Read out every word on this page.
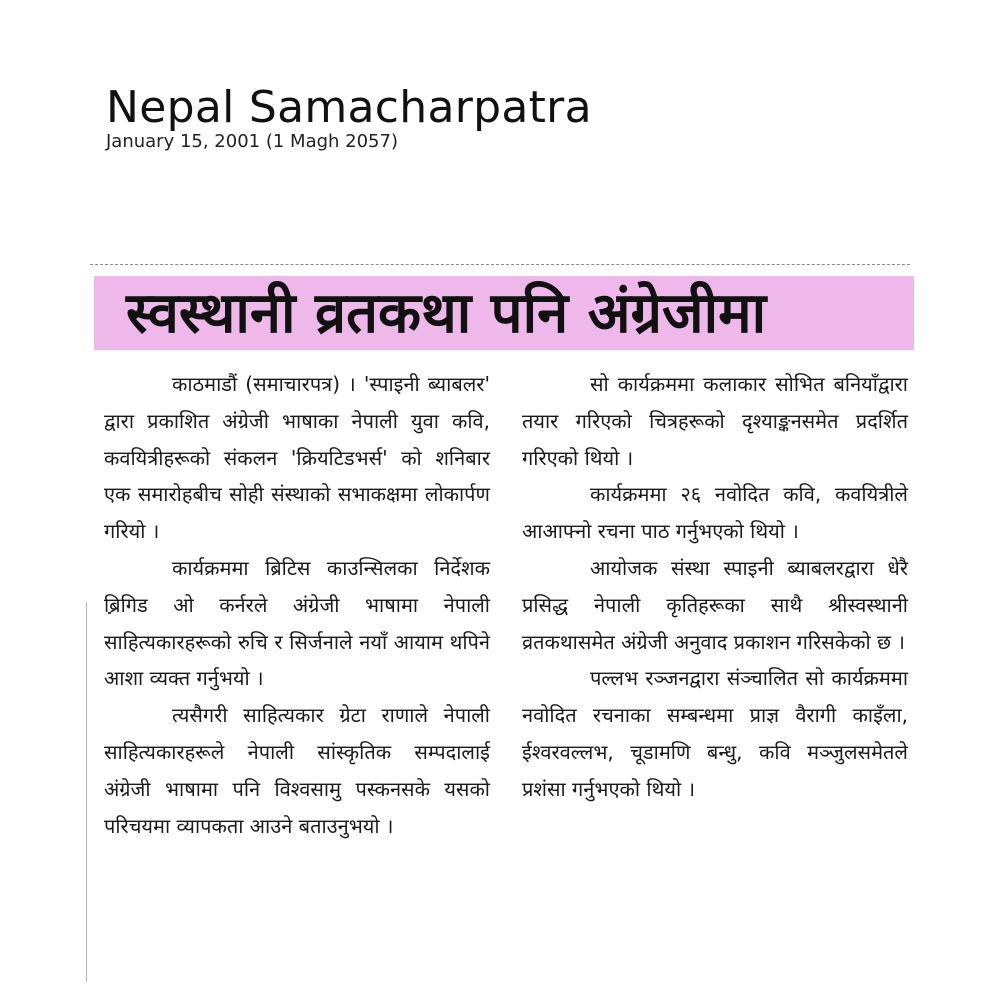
Nepal Samacharpatra
January 15, 2001 (1 Magh 2057)
स्वस्थानी व्रतकथा पनि अंग्रेजीमा

काठमाडौं (समाचारपत्र) । 'स्पाइनी ब्याबलर' द्वारा प्रकाशित अंग्रेजी भाषाका नेपाली युवा कवि, कवयित्रीहरूको संकलन 'क्रियटिडभर्स' को शनिबार एक समारोहबीच सोही संस्थाको सभाकक्षमा लोकार्पण गरियो ।

कार्यक्रममा ब्रिटिस काउन्सिलका निर्देशक ब्रिगिड ओ कर्नरले अंग्रेजी भाषामा नेपाली साहित्यकारहरूको रुचि र सिर्जनाले नयाँ आयाम थपिने आशा व्यक्त गर्नुभयो ।

त्यसैगरी साहित्यकार ग्रेटा राणाले नेपाली साहित्यकारहरूले नेपाली सांस्कृतिक सम्पदालाई अंग्रेजी भाषामा पनि विश्वसामु पस्कनसके यसको परिचयमा व्यापकता आउने बताउनुभयो ।

सो कार्यक्रममा कलाकार सोभित बनियाँद्वारा तयार गरिएको चित्रहरूको दृश्याङ्कनसमेत प्रदर्शित गरिएको थियो ।

कार्यक्रममा २६ नवोदित कवि, कवयित्रीले आआफ्नो रचना पाठ गर्नुभएको थियो ।

आयोजक संस्था स्पाइनी ब्याबलरद्वारा धेरै प्रसिद्ध नेपाली कृतिहरूका साथै श्रीस्वस्थानी व्रतकथासमेत अंग्रेजी अनुवाद प्रकाशन गरिसकेको छ ।

पल्लभ रञ्जनद्वारा संञ्चालित सो कार्यक्रममा नवोदित रचनाका सम्बन्धमा प्राज्ञ वैरागी काइँला, ईश्वरवल्लभ, चूडामणि बन्धु, कवि मञ्जुलसमेतले प्रशंसा गर्नुभएको थियो ।
